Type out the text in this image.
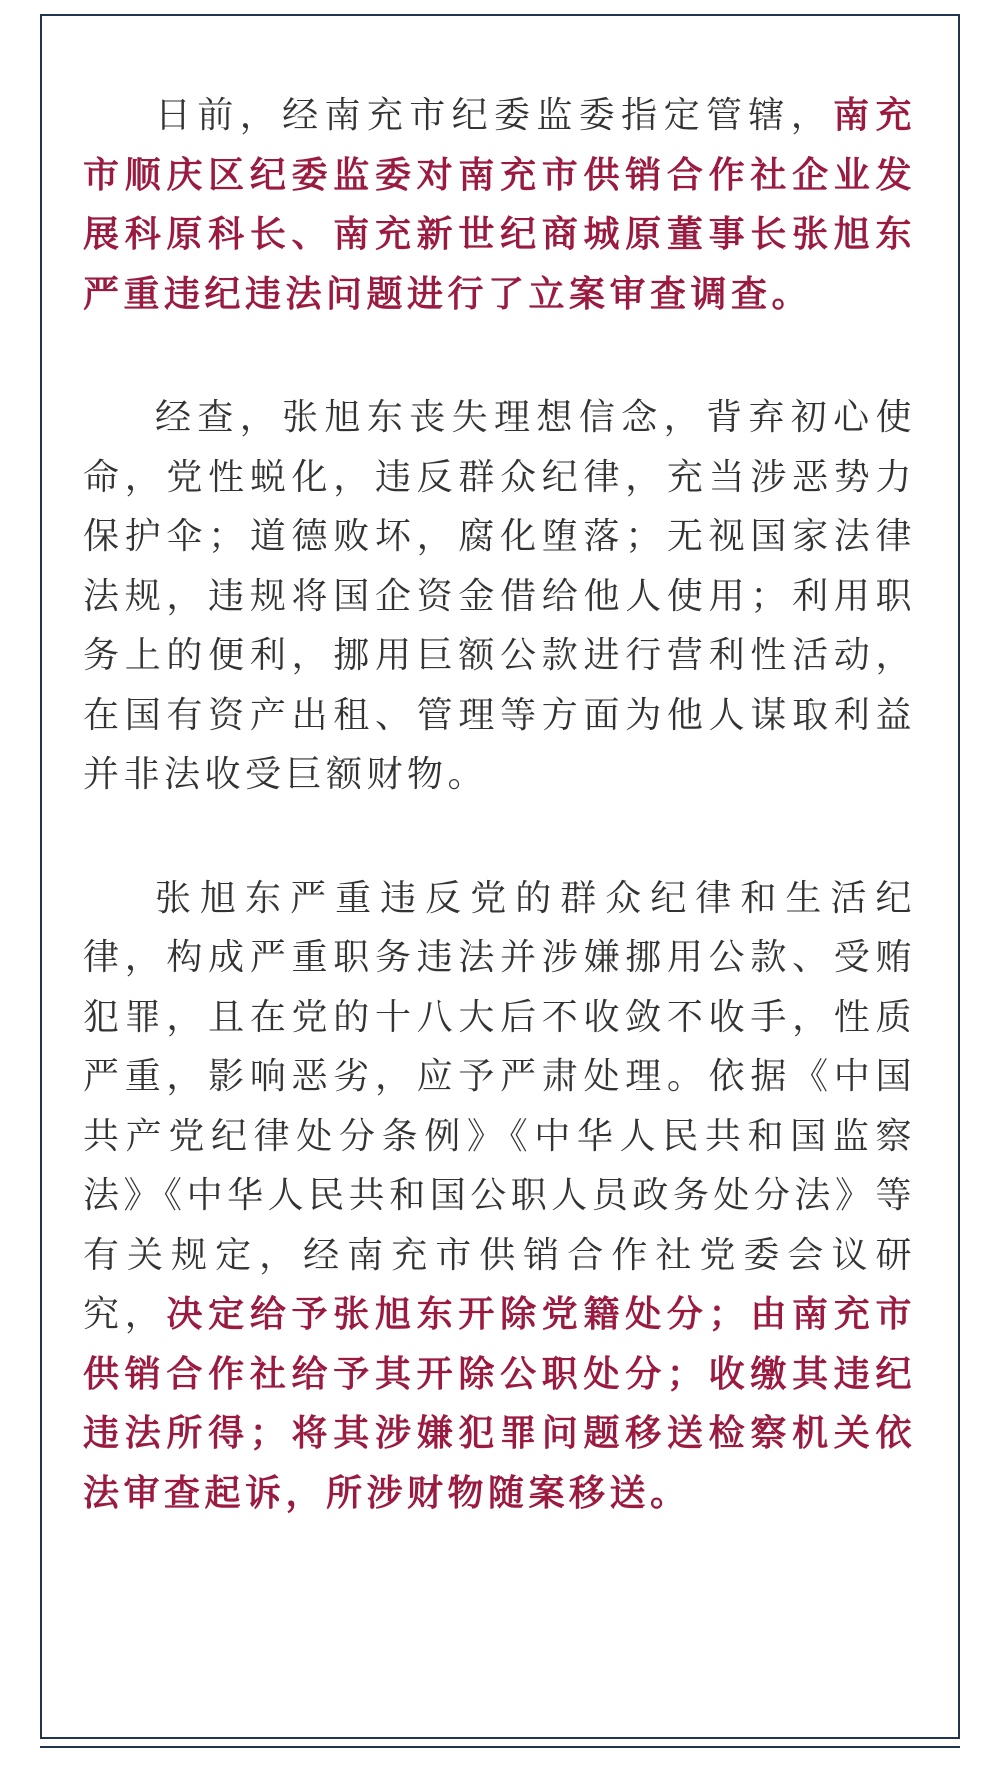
日前，经南充市纪委监委指定管辖，南充市顺庆区纪委监委对南充市供销合作社企业发展科原科长、南充新世纪商城原董事长张旭东严重违纪违法问题进行了立案审查调查。

经查，张旭东丧失理想信念，背弃初心使命，党性蜕化，违反群众纪律，充当涉恶势力保护伞；道德败坏，腐化堕落；无视国家法律法规，违规将国企资金借给他人使用；利用职务上的便利，挪用巨额公款进行营利性活动，在国有资产出租、管理等方面为他人谋取利益并非法收受巨额财物。

张旭东严重违反党的群众纪律和生活纪律，构成严重职务违法并涉嫌挪用公款、受贿犯罪，且在党的十八大后不收敛不收手，性质严重，影响恶劣，应予严肃处理。依据《中国共产党纪律处分条例》《中华人民共和国监察法》《中华人民共和国公职人员政务处分法》等有关规定，经南充市供销合作社党委会议研究，决定给予张旭东开除党籍处分；由南充市供销合作社给予其开除公职处分；收缴其违纪违法所得；将其涉嫌犯罪问题移送检察机关依法审查起诉，所涉财物随案移送。
